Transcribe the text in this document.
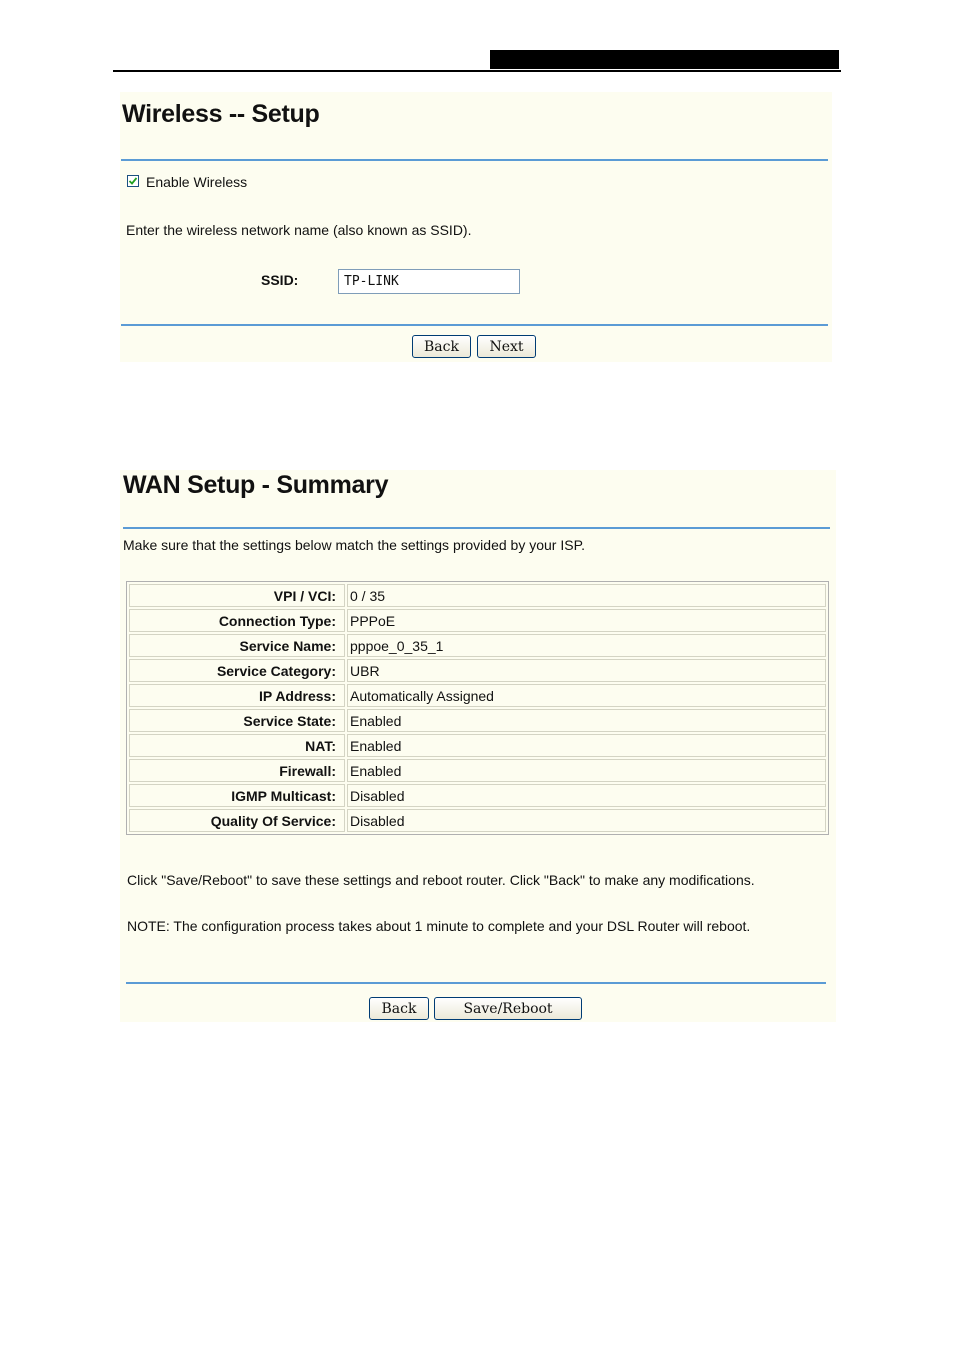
Wireless -- Setup
Enable Wireless
Enter the wireless network name (also known as SSID).
SSID:
TP-LINK
Back	Next
WAN Setup - Summary
Make sure that the settings below match the settings provided by your ISP.
VPI / VCI:	0 / 35
Connection Type:	PPPoE
Service Name:	pppoe_0_35_1
Service Category:	UBR
IP Address:	Automatically Assigned
Service State:	Enabled
NAT:	Enabled
Firewall:	Enabled
IGMP Multicast:	Disabled
Quality Of Service:	Disabled
Click "Save/Reboot" to save these settings and reboot router. Click "Back" to make any modifications.
NOTE: The configuration process takes about 1 minute to complete and your DSL Router will reboot.
Back	Save/Reboot
